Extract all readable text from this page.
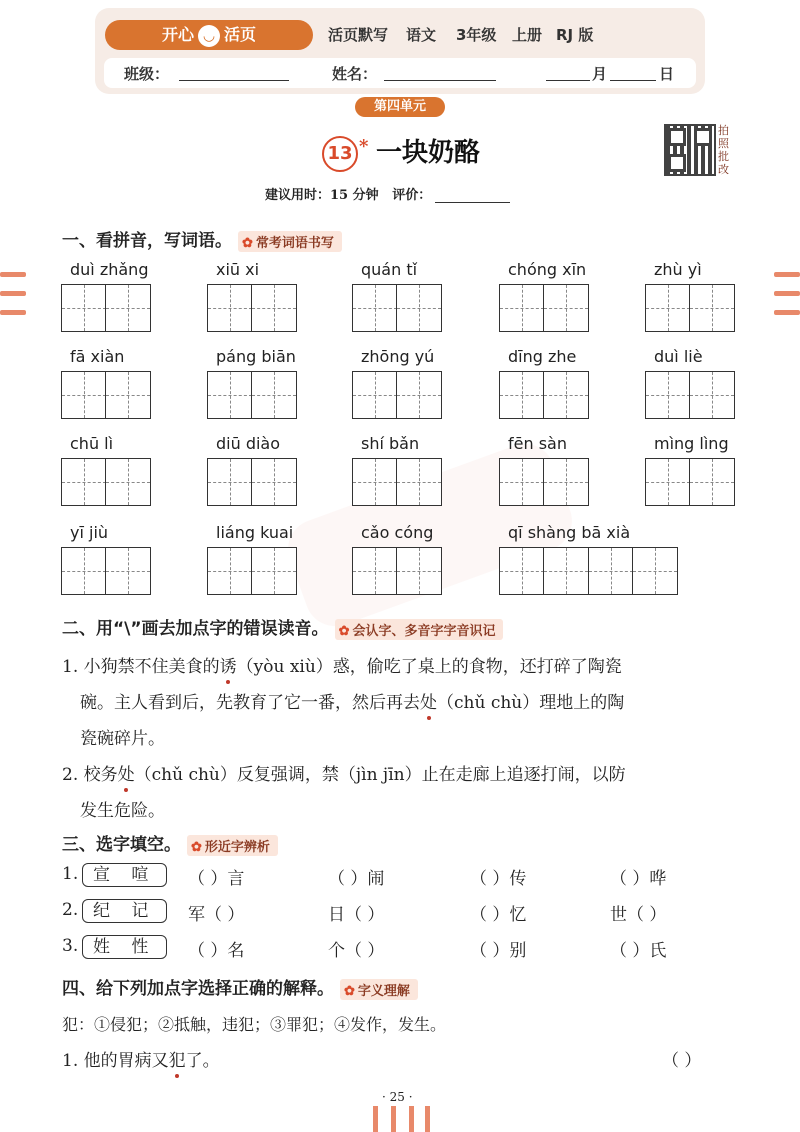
开心 ◡ 活页	活页默写 语文 3年级 上册 RJ 版
班级：	姓名：	月	日
第四单元
13 * 一块奶酪
拍照批改
建议用时：15 分钟 评价：
一、看拼音，写词语。 ✿ 常考词语书写
duì zhǎng	xiū xi	quán tǐ	chóng xīn	zhù yì
fā xiàn	páng biān	zhōng yú	dīng zhe	duì liè
chū lì	diū diào	shí bǎn	fēn sàn	mìng lìng
yī jiù	liáng kuai	cǎo cóng	qī shàng bā xià
二、用“\”画去加点字的错误读音。 ✿ 会认字、多音字字音识记
1. 小狗禁不住美食的诱（yòu xiù）惑，偷吃了桌上的食物，还打碎了陶瓷
碗。主人看到后，先教育了它一番，然后再去处（chǔ chù）理地上的陶
瓷碗碎片。
2. 校务处（chǔ chù）反复强调，禁（jìn jīn）止在走廊上追逐打闹，以防
发生危险。
三、选字填空。 ✿ 形近字辨析
1. 宣 喧	（ ）言	（ ）闹	（ ）传	（ ）哗
2. 纪 记	军（ ）	日（ ）	（ ）忆	世（ ）
3. 姓 性	（ ）名	个（ ）	（ ）别	（ ）氏
四、给下列加点字选择正确的解释。 ✿ 字义理解
犯：①侵犯；②抵触，违犯；③罪犯；④发作，发生。
1. 他的胃病又犯了。	（ ）
· 25 ·
